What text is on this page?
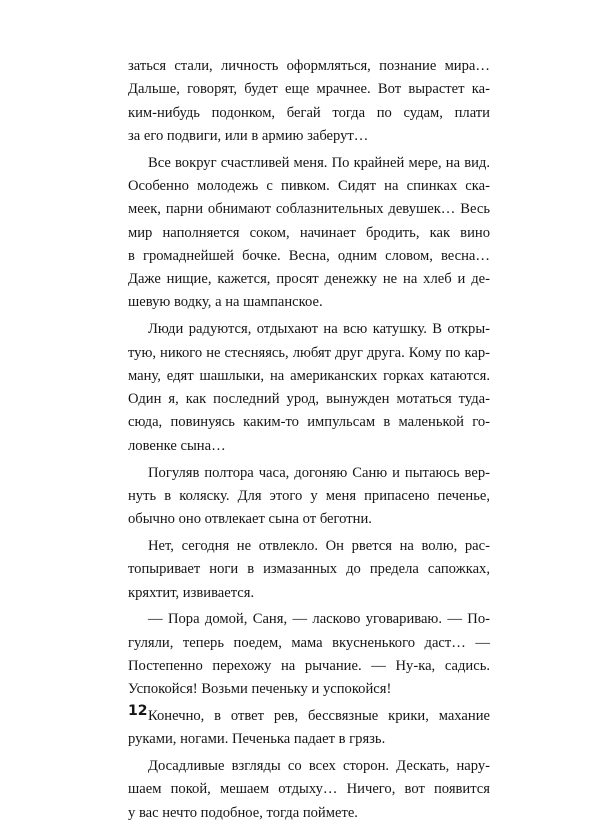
заться стали, личность оформляться, познание мира…
Дальше, говорят, будет еще мрачнее. Вот вырастет ка-
ким-нибудь подонком, бегай тогда по судам, плати
за его подвиги, или в армию заберут…

Все вокруг счастливей меня. По крайней мере, на вид.
Особенно молодежь с пивком. Сидят на спинках ска-
меек, парни обнимают соблазнительных девушек… Весь
мир наполняется соком, начинает бродить, как вино
в громаднейшей бочке. Весна, одним словом, весна…
Даже нищие, кажется, просят денежку не на хлеб и де-
шевую водку, а на шампанское.

Люди радуются, отдыхают на всю катушку. В откры-
тую, никого не стесняясь, любят друг друга. Кому по кар-
ману, едят шашлыки, на американских горках катаются.
Один я, как последний урод, вынужден мотаться туда-
сюда, повинуясь каким-то импульсам в маленькой го-
ловенке сына…

Погуляв полтора часа, догоняю Саню и пытаюсь вер-
нуть в коляску. Для этого у меня припасено печенье,
обычно оно отвлекает сына от беготни.

Нет, сегодня не отвлекло. Он рвется на волю, рас-
топыривает ноги в измазанных до предела сапожках,
кряхтит, извивается.

— Пора домой, Саня, — ласково уговариваю. — По-
гуляли, теперь поедем, мама вкусненького даст… —
Постепенно перехожу на рычание. — Ну-ка, садись.
Успокойся! Возьми печеньку и успокойся!

Конечно, в ответ рев, бессвязные крики, махание
руками, ногами. Печенька падает в грязь.

Досадливые взгляды со всех сторон. Дескать, нару-
шаем покой, мешаем отдыху… Ничего, вот появится
у вас нечто подобное, тогда поймете.

12
